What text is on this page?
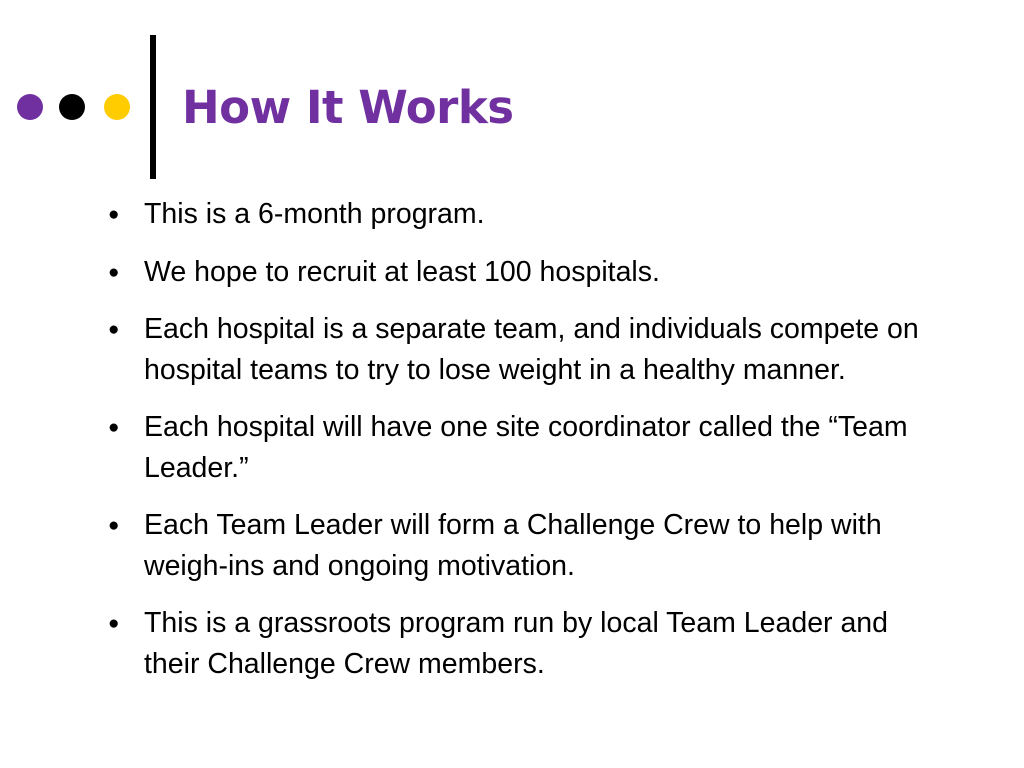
How It Works
● This is a 6-month program.
● We hope to recruit at least 100 hospitals.
● Each hospital is a separate team, and individuals compete on hospital teams to try to lose weight in a healthy manner.
● Each hospital will have one site coordinator called the “Team Leader.”
● Each Team Leader will form a Challenge Crew to help with weigh-ins and ongoing motivation.
● This is a grassroots program run by local Team Leader and their Challenge Crew members.
